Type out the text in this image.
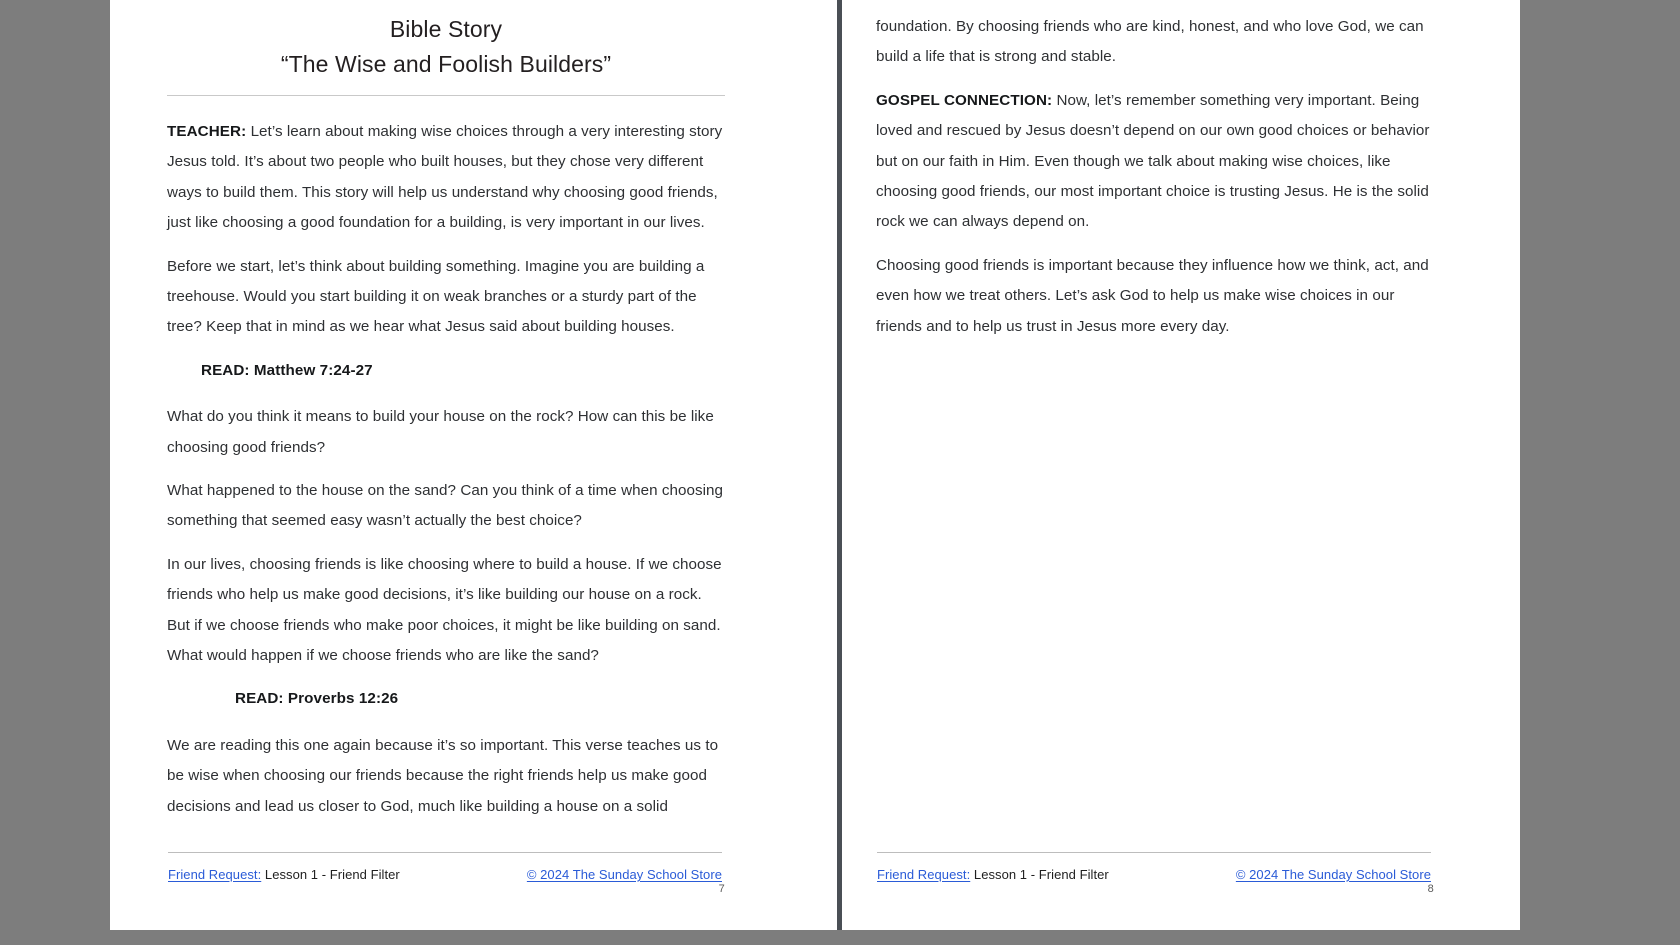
Bible Story
“The Wise and Foolish Builders”

TEACHER: Let’s learn about making wise choices through a very interesting story Jesus told. It’s about two people who built houses, but they chose very different ways to build them. This story will help us understand why choosing good friends, just like choosing a good foundation for a building, is very important in our lives.

Before we start, let’s think about building something. Imagine you are building a treehouse. Would you start building it on weak branches or a sturdy part of the tree? Keep that in mind as we hear what Jesus said about building houses.

READ: Matthew 7:24-27

What do you think it means to build your house on the rock? How can this be like choosing good friends?

What happened to the house on the sand? Can you think of a time when choosing something that seemed easy wasn’t actually the best choice?

In our lives, choosing friends is like choosing where to build a house. If we choose friends who help us make good decisions, it’s like building our house on a rock. But if we choose friends who make poor choices, it might be like building on sand. What would happen if we choose friends who are like the sand?

READ: Proverbs 12:26

We are reading this one again because it’s so important. This verse teaches us to be wise when choosing our friends because the right friends help us make good decisions and lead us closer to God, much like building a house on a solid

Friend Request: Lesson 1 - Friend Filter	© 2024 The Sunday School Store
7

foundation. By choosing friends who are kind, honest, and who love God, we can build a life that is strong and stable.

GOSPEL CONNECTION: Now, let’s remember something very important. Being loved and rescued by Jesus doesn’t depend on our own good choices or behavior but on our faith in Him. Even though we talk about making wise choices, like choosing good friends, our most important choice is trusting Jesus. He is the solid rock we can always depend on.

Choosing good friends is important because they influence how we think, act, and even how we treat others. Let’s ask God to help us make wise choices in our friends and to help us trust in Jesus more every day.

Friend Request: Lesson 1 - Friend Filter	© 2024 The Sunday School Store
8
